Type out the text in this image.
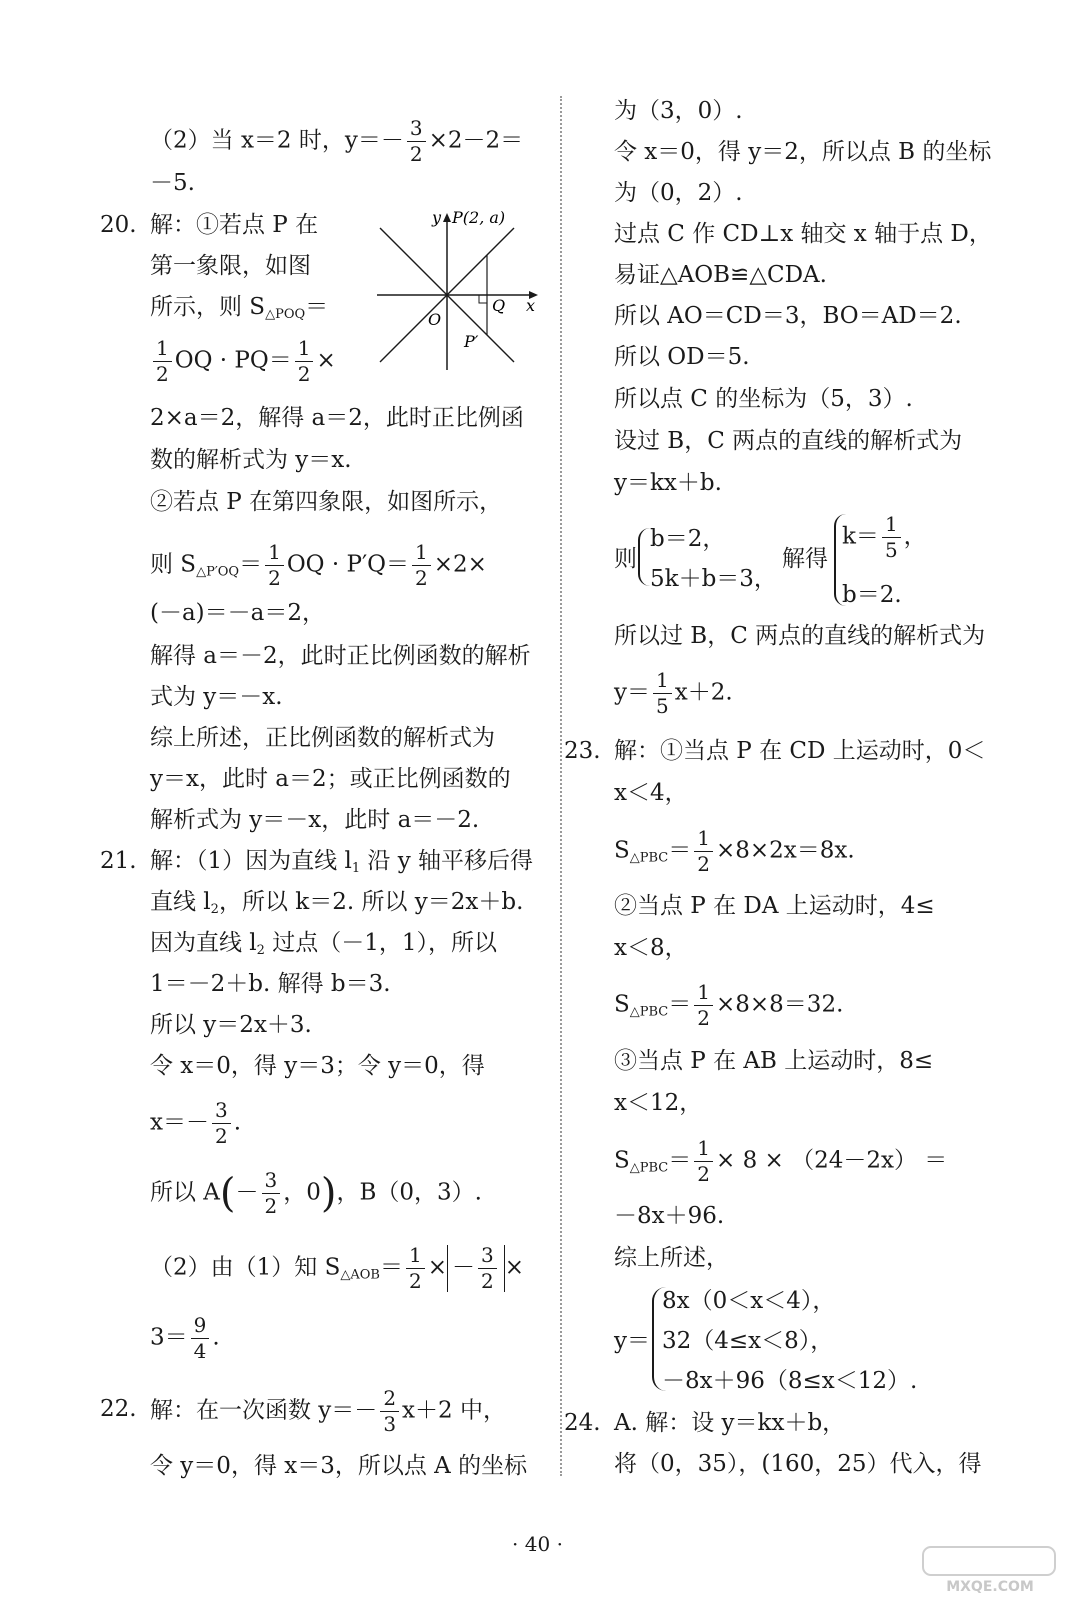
（2）当 x＝2 时，$y=- \frac{3}{2} \times 2-2=$
－5.
20. 解：①若点 P 在
第一象限，如图
所示，则 $S_{\triangle POQ}=$
$\frac{1}{2}$ OQ · $PQ= \frac{1}{2}$ ×
y P(2, a)
x
O
Q
P′
2×a＝2，解得 a＝2，此时正比例函
数的解析式为 y＝x.
②若点 P 在第四象限，如图所示，
则 $S_{\triangle P'OQ}= \frac{1}{2}$ OQ · $P'Q= \frac{1}{2} \times 2\times$
(－a)＝－a＝2，
解得 a＝－2，此时正比例函数的解析
式为 y＝－x.
综上所述，正比例函数的解析式为
y＝x，此时 a＝2；或正比例函数的
解析式为 y＝－x，此时 a＝－2.
21. 解：（1）因为直线 $l_1$ 沿 y 轴平移后得
直线 $l_2$，所以 k＝2. 所以 y＝2x＋b.
因为直线 $l_2$ 过点（－1，1），所以
1＝－2＋b. 解得 b＝3.
所以 y＝2x＋3.
令 x＝0，得 y＝3；令 y＝0，得
$x=- \frac{3}{2}$ .
所以 $A(- \frac{3}{2}$ ，0)，B（0，3）.
（2）由（1）知 $S_{\triangle AOB}= \frac{1}{2}$ × － $\frac{3}{2}$ ×
$3= \frac{9}{4}$ .
22. 解：在一次函数 $y=- \frac{2}{3} x+2$ 中，
令 y＝0，得 x＝3，所以点 A 的坐标
为（3，0）.
令 x＝0，得 y＝2，所以点 B 的坐标
为（0，2）.
过点 C 作 CD⊥x 轴交 x 轴于点 D，
易证△AOB≌△CDA.
所以 AO＝CD＝3，BO＝AD＝2.
所以 OD＝5.
所以点 C 的坐标为（5，3）.
设过 B，C 两点的直线的解析式为
y＝kx＋b.
则
b＝2，
5k＋b＝3，
解得
$k= \frac{1}{5}$ ，
b＝2.
所以过 B，C 两点的直线的解析式为
$y= \frac{1}{5} x+2$.
23. 解：①当点 P 在 CD 上运动时，0＜
x＜4，
$S_{\triangle PBC}= \frac{1}{2} \times 8\times 2x=8x$.
②当点 P 在 DA 上运动时，4≤
x＜8，
$S_{\triangle PBC}= \frac{1}{2} \times 8\times 8=32$.
③当点 P 在 AB 上运动时，8≤
x＜12，
$S_{\triangle PBC}= \frac{1}{2} \times 8 \times (24-2x)$ ＝
－8x＋96.
综上所述，
y＝
8x（0＜x＜4），
32（4≤x＜8），
－8x＋96（8≤x＜12）.
24. A. 解：设 y＝kx＋b，
将（0，35），(160，25）代入，得
· 40 ·
MXQE.COM
